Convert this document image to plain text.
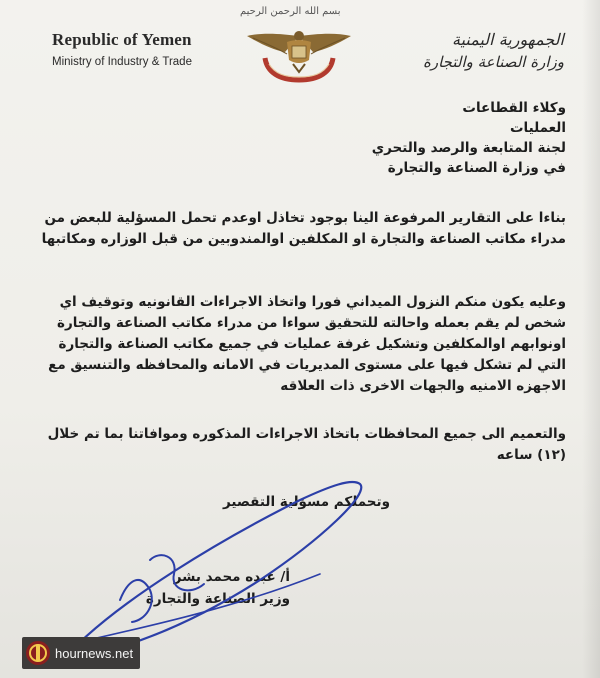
بسم الله الرحمن الرحيم
Republic of Yemen
Ministry of Industry & Trade
الجمهورية اليمنية
وزارة الصناعة والتجارة
وكلاء القطاعات
العمليات
لجنة المتابعة والرصد والتحري
في وزارة الصناعة والتجارة
بناءا على التقارير المرفوعة الينا بوجود تخاذل اوعدم تحمل المسؤلية للبعض من مدراء مكاتب الصناعة والتجارة او المكلفين اوالمندوبين من قبل الوزاره ومكاتبها
وعليه يكون منكم النزول الميداني فورا واتخاذ الاجراءات القانونيه وتوقيف اي شخص لم يقم بعمله واحالته للتحقيق سواءا من مدراء مكاتب الصناعة والتجارة اونوابهم اوالمكلفين وتشكيل غرفة عمليات في جميع مكاتب الصناعة والتجارة التي لم تشكل فيها على مستوى المديريات في الامانه والمحافظه والتنسيق مع الاجهزه الامنيه والجهات الاخرى ذات العلاقه
والتعميم الى جميع المحافظات باتخاذ الاجراءات المذكوره وموافاتنا بما تم خلال (١٢) ساعه
وتحملكم مسؤلية التقصير
أ/ عبده محمد بشر
وزير الصناعة والتجارة
hournews.net
